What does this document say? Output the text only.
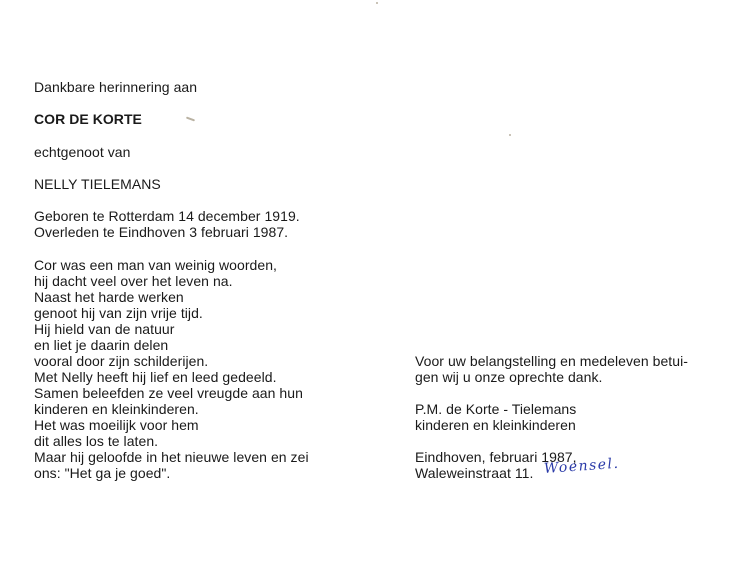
Dankbare herinnering aan
COR DE KORTE
echtgenoot van
NELLY TIELEMANS
Geboren te Rotterdam 14 december 1919.
Overleden te Eindhoven 3 februari 1987.
Cor was een man van weinig woorden,
hij dacht veel over het leven na.
Naast het harde werken
genoot hij van zijn vrije tijd.
Hij hield van de natuur
en liet je daarin delen
vooral door zijn schilderijen.
Met Nelly heeft hij lief en leed gedeeld.
Samen beleefden ze veel vreugde aan hun
kinderen en kleinkinderen.
Het was moeilijk voor hem
dit alles los te laten.
Maar hij geloofde in het nieuwe leven en zei
ons: "Het ga je goed".
Voor uw belangstelling en medeleven betui-
gen wij u onze oprechte dank.
P.M. de Korte - Tielemans
kinderen en kleinkinderen
Eindhoven, februari 1987,
Waleweinstraat 11. Woensel.
